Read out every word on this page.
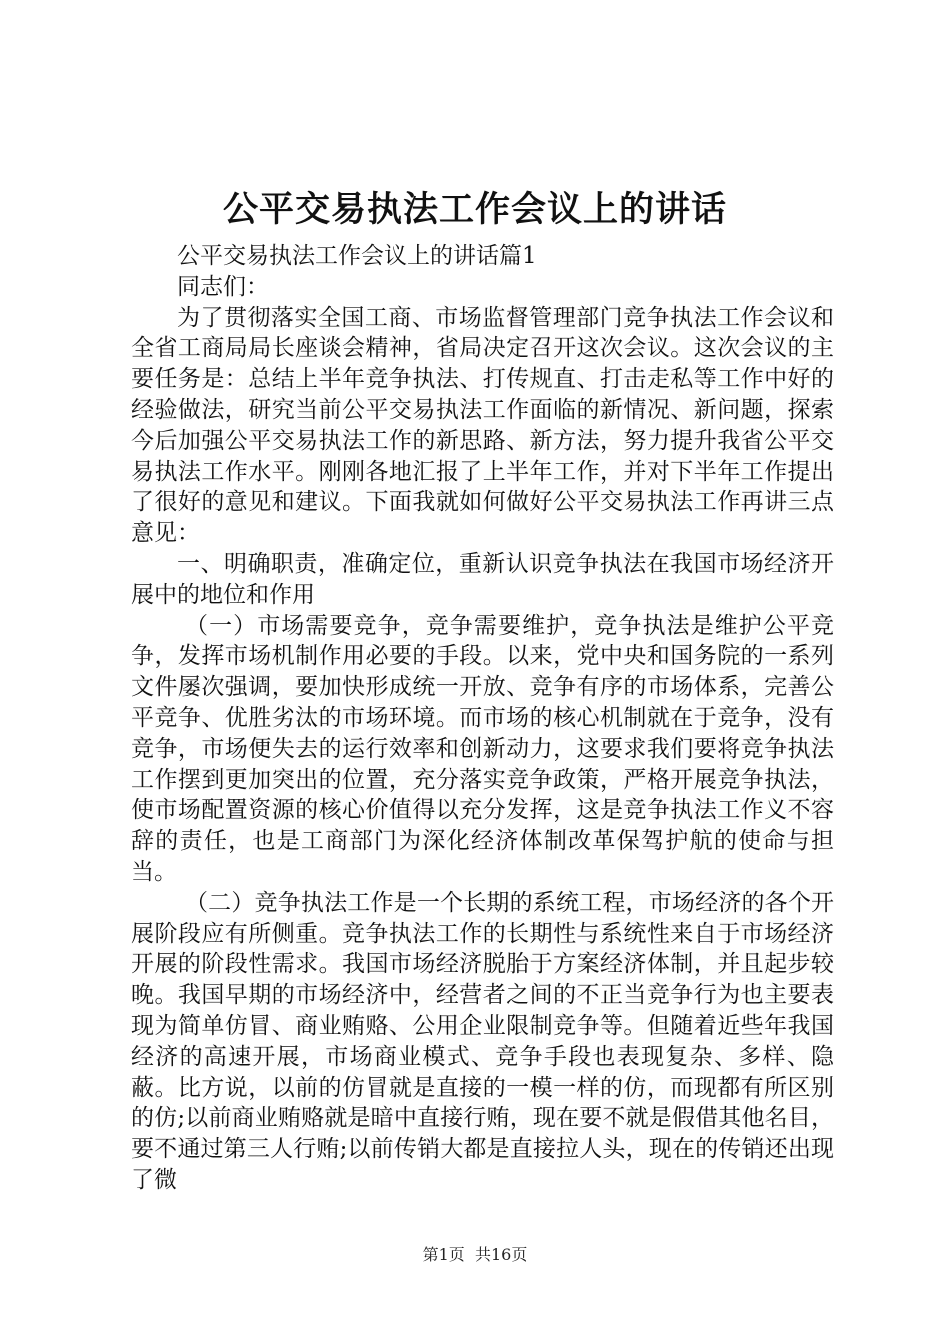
公平交易执法工作会议上的讲话

公平交易执法工作会议上的讲话篇1

同志们：

为了贯彻落实全国工商、市场监督管理部门竞争执法工作会议和全省工商局局长座谈会精神，省局决定召开这次会议。这次会议的主要任务是：总结上半年竞争执法、打传规直、打击走私等工作中好的经验做法，研究当前公平交易执法工作面临的新情况、新问题，探索今后加强公平交易执法工作的新思路、新方法，努力提升我省公平交易执法工作水平。刚刚各地汇报了上半年工作，并对下半年工作提出了很好的意见和建议。下面我就如何做好公平交易执法工作再讲三点意见：

一、明确职责，准确定位，重新认识竞争执法在我国市场经济开展中的地位和作用

（一）市场需要竞争，竞争需要维护，竞争执法是维护公平竞争，发挥市场机制作用必要的手段。以来，党中央和国务院的一系列文件屡次强调，要加快形成统一开放、竞争有序的市场体系，完善公平竞争、优胜劣汰的市场环境。而市场的核心机制就在于竞争，没有竞争，市场便失去的运行效率和创新动力，这要求我们要将竞争执法工作摆到更加突出的位置，充分落实竞争政策，严格开展竞争执法，使市场配置资源的核心价值得以充分发挥，这是竞争执法工作义不容辞的责任，也是工商部门为深化经济体制改革保驾护航的使命与担当。

（二）竞争执法工作是一个长期的系统工程，市场经济的各个开展阶段应有所侧重。竞争执法工作的长期性与系统性来自于市场经济开展的阶段性需求。我国市场经济脱胎于方案经济体制，并且起步较晚。我国早期的市场经济中，经营者之间的不正当竞争行为也主要表现为简单仿冒、商业贿赂、公用企业限制竞争等。但随着近些年我国经济的高速开展，市场商业模式、竞争手段也表现复杂、多样、隐蔽。比方说，以前的仿冒就是直接的一模一样的仿，而现都有所区别的仿;以前商业贿赂就是暗中直接行贿，现在要不就是假借其他名目，要不通过第三人行贿;以前传销大都是直接拉人头，现在的传销还出现了微

第1页 共16页
